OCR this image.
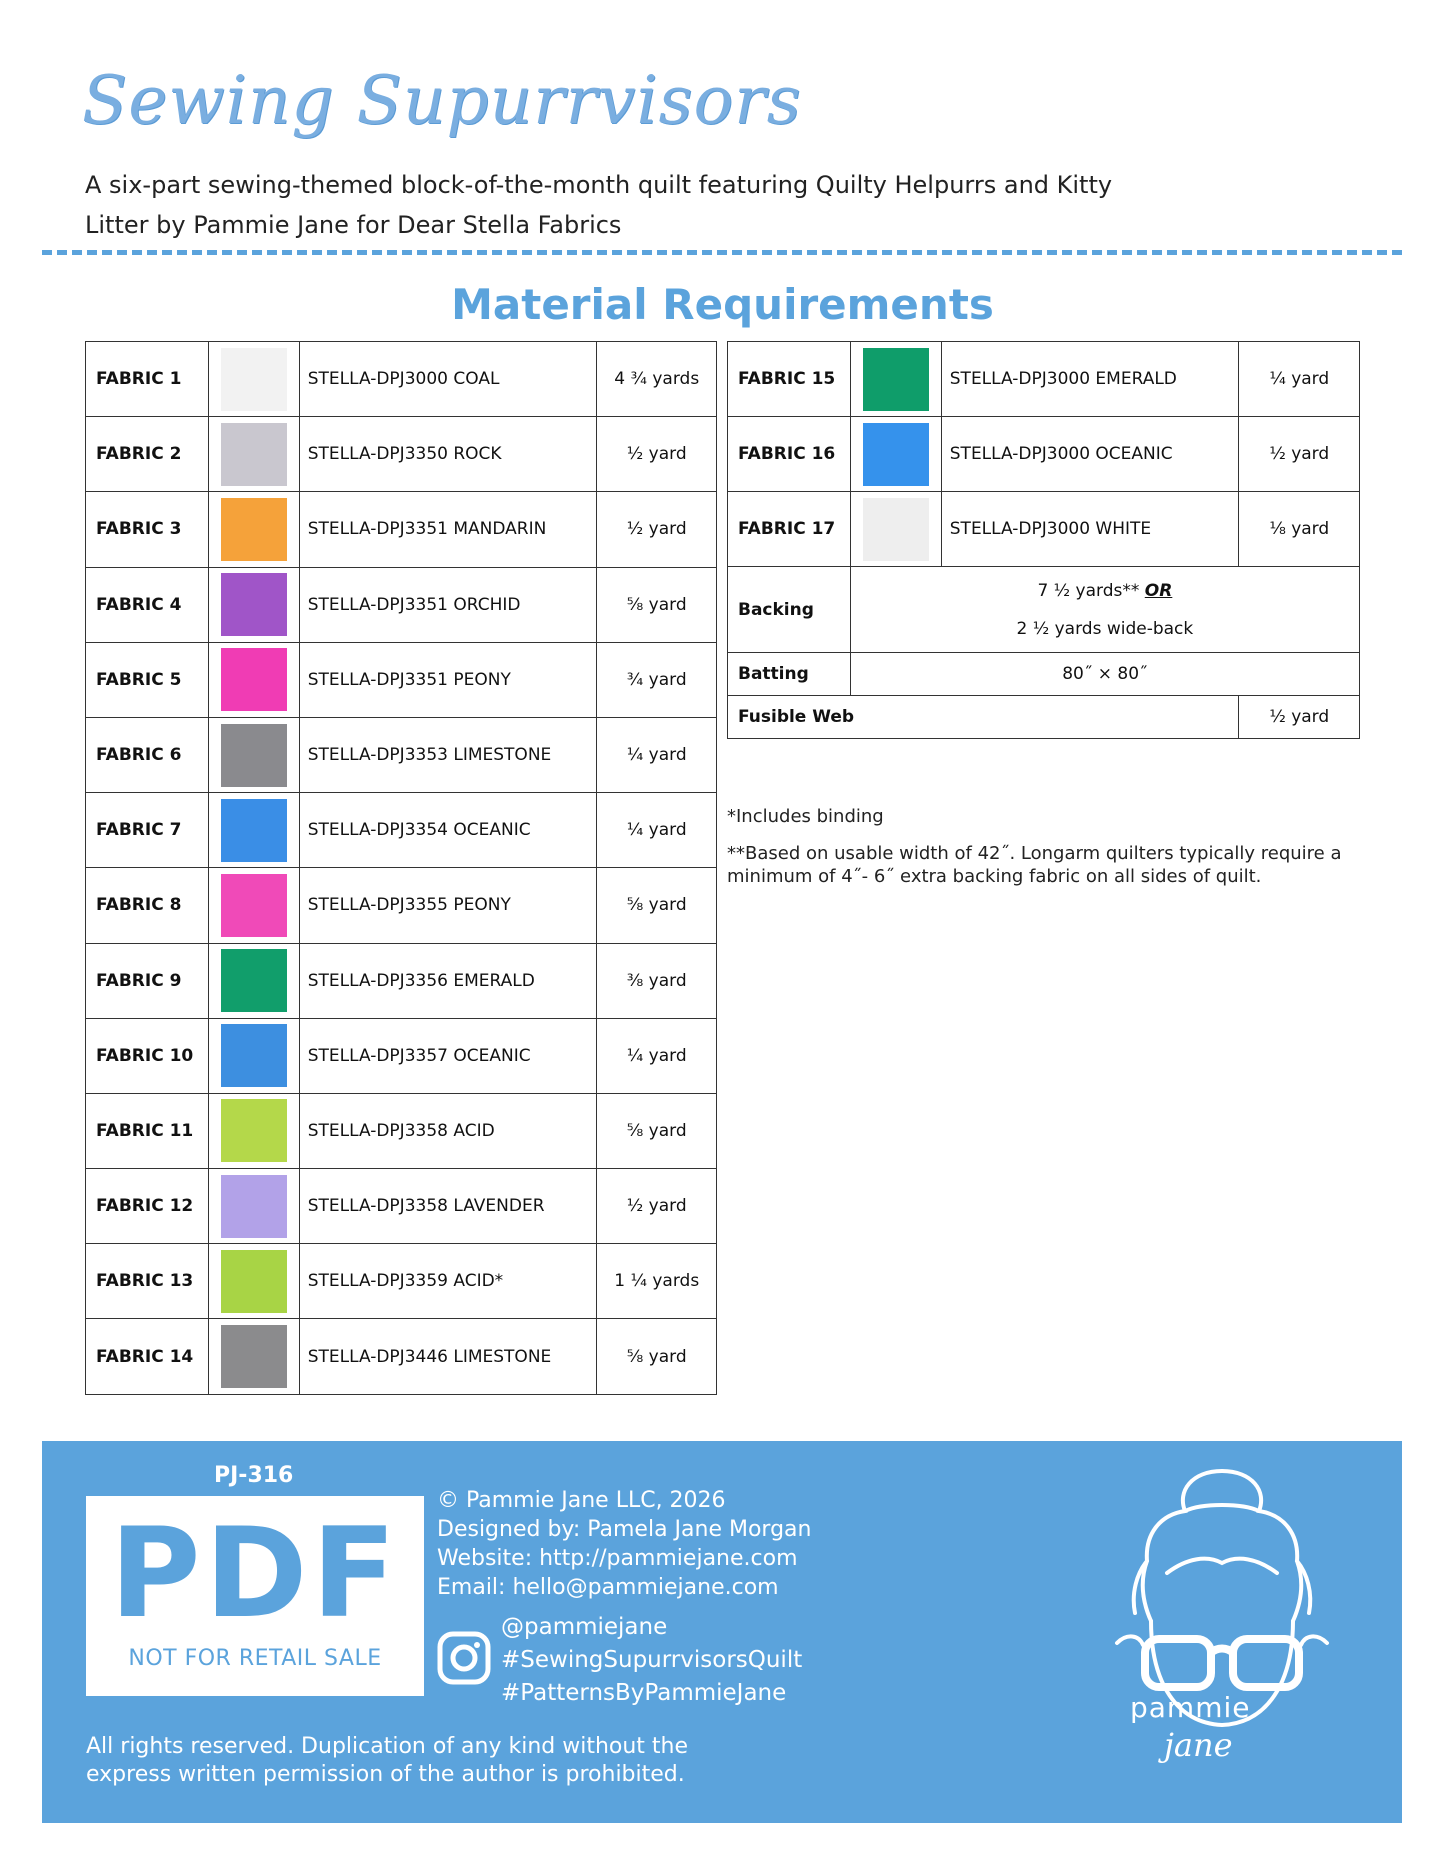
Sewing Supurrvisors
A six-part sewing-themed block-of-the-month quilt featuring Quilty Helpurrs and Kitty
Litter by Pammie Jane for Dear Stella Fabrics
Material Requirements
FABRIC 1		STELLA-DPJ3000 COAL	4 ¾ yards
FABRIC 2		STELLA-DPJ3350 ROCK	½ yard
FABRIC 3		STELLA-DPJ3351 MANDARIN	½ yard
FABRIC 4		STELLA-DPJ3351 ORCHID	⅝ yard
FABRIC 5		STELLA-DPJ3351 PEONY	¾ yard
FABRIC 6		STELLA-DPJ3353 LIMESTONE	¼ yard
FABRIC 7		STELLA-DPJ3354 OCEANIC	¼ yard
FABRIC 8		STELLA-DPJ3355 PEONY	⅝ yard
FABRIC 9		STELLA-DPJ3356 EMERALD	⅜ yard
FABRIC 10		STELLA-DPJ3357 OCEANIC	¼ yard
FABRIC 11		STELLA-DPJ3358 ACID	⅝ yard
FABRIC 12		STELLA-DPJ3358 LAVENDER	½ yard
FABRIC 13		STELLA-DPJ3359 ACID*	1 ¼ yards
FABRIC 14		STELLA-DPJ3446 LIMESTONE	⅝ yard
FABRIC 15		STELLA-DPJ3000 EMERALD	¼ yard
FABRIC 16		STELLA-DPJ3000 OCEANIC	½ yard
FABRIC 17		STELLA-DPJ3000 WHITE	⅛ yard
Backing	7 ½ yards** OR
2 ½ yards wide-back		

Batting	80˝ × 80˝		
Fusible Web			½ yard

*Includes binding

**Based on usable width of 42˝. Longarm quilters typically require a minimum of 4˝- 6˝ extra backing fabric on all sides of quilt.

PJ-316
PDF
NOT FOR RETAIL SALE
© Pammie Jane LLC, 2026
Designed by: Pamela Jane Morgan
Website: http://pammiejane.com
Email: hello@pammiejane.com
@pammiejane
#SewingSupurrvisorsQuilt
#PatternsByPammieJane
All rights reserved. Duplication of any kind without the
express written permission of the author is prohibited.
pammie
jane
